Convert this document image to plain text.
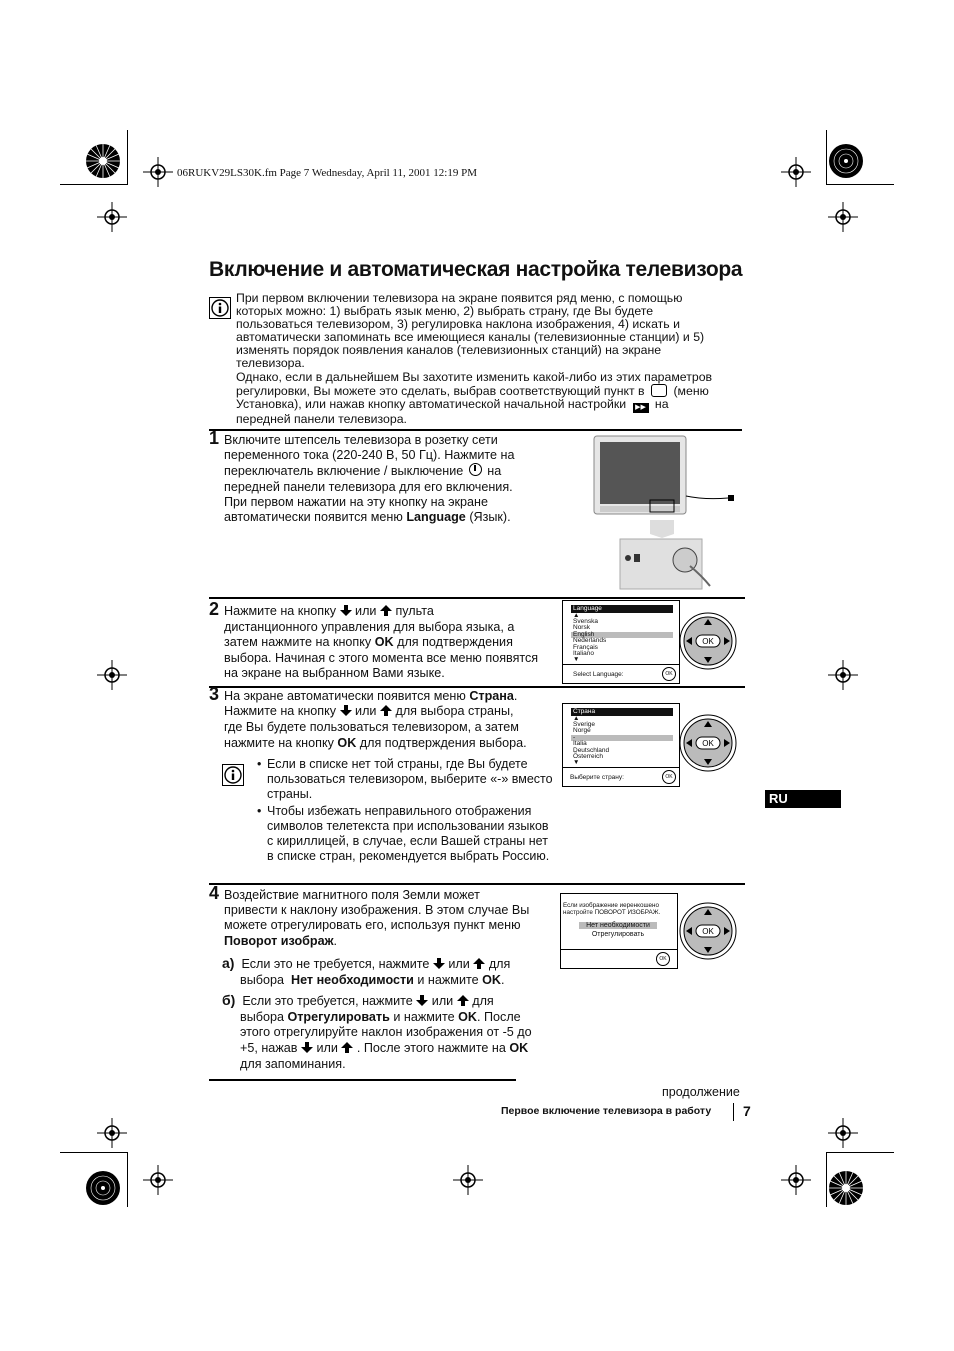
06RUKV29LS30K.fm Page 7 Wednesday, April 11, 2001 12:19 PM
Включение и автоматическая настройка телевизора
При первом включении телевизора на экране появится ряд меню, с помощью
которых можно: 1) выбрать язык меню, 2) выбрать страну, где Вы будете
пользоваться телевизором, 3) регулировка наклона изображения, 4) искать и
автоматически запоминать все имеющиеся каналы (телевизионные станции) и 5)
изменять порядок появления каналов (телевизионных станций) на экране
телевизора.
Однако, если в дальнейшем Вы захотите изменить какой-либо из этих параметров
регулировки, Вы можете это сделать, выбрав соответствующий пункт в (меню
Установка), или нажав кнопку автоматической начальной настройки ▶▶ на
передней панели телевизора.
1 Включите штепсель телевизора в розетку сети
переменного тока (220-240 В, 50 Гц). Нажмите на
переключатель включение / выключение на
передней панели телевизора для его включения.
При первом нажатии на эту кнопку на экране
автоматически появится меню Language (Язык).
2 Нажмите на кнопку или пульта
дистанционного управления для выбора языка, а
затем нажмите на кнопку OK для подтверждения
выбора. Начиная с этого момента все меню появятся
на экране на выбранном Вами языке.
Language
▲
Svenska
Norsk
English
Nederlands
Français
Italiano
▼
Select Language:	OK
OK
3 На экране автоматически появится меню Страна.
Нажмите на кнопку или для выбора страны,
где Вы будете пользоваться телевизором, а затем
нажмите на кнопку OK для подтверждения выбора.
Страна
▲
Sverige
Norge
-
Italia
Deutschland
Österreich
▼
Выберите страну:	OK
OK
• Если в списке нет той страны, где Вы будете пользоваться телевизором, выберите «-» вместо страны.
• Чтобы избежать неправильного отображения символов телетекста при использовании языков с кириллицей, в случае, если Вашей страны нет в списке стран, рекомендуется выбрать Россию.
RU
4 Воздействие магнитного поля Земли может
привести к наклону изображения. В этом случае Вы
можете отрегулировать его, используя пункт меню
Поворот изображ.
а) Если это не требуется, нажмите или для
выбора Нет необходимости и нажмите OK.
б) Если это требуется, нажмите или для
выбора Отрегулировать и нажмите OK. После
этого отрегулируйте наклон изображения от -5 до
+5, нажав или . После этого нажмите на OK
для запоминания.
Если изображение иеренкошено
настройте ПОВОРОТ ИЗОБРАЖ.
Нет необходимости
Отрегулировать
OK
OK
продолжение
Первое включение телевизора в работу 7
